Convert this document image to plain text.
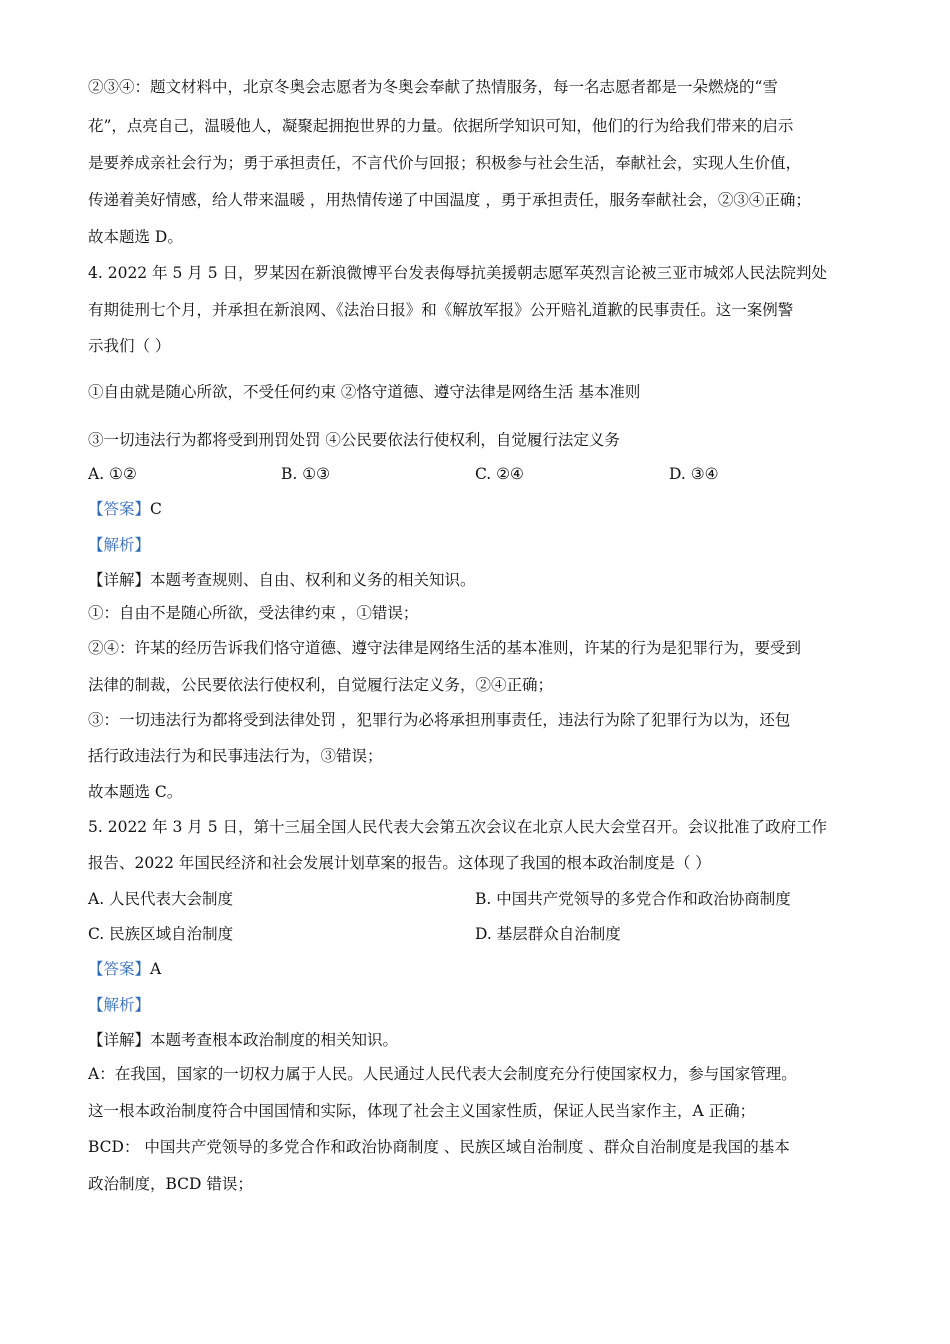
②③④：题文材料中，北京冬奥会志愿者为冬奥会奉献了热情服务，每一名志愿者都是一朵燃烧的“雪
花”，点亮自己，温暖他人，凝聚起拥抱世界的力量。依据所学知识可知，他们的行为给我们带来的启示
是要养成亲社会行为；勇于承担责任，不言代价与回报；积极参与社会生活，奉献社会，实现人生价值，
传递着美好情感，给人带来温暖 ，用热情传递了中国温度 ，勇于承担责任，服务奉献社会，②③④正确；
故本题选 D。
4. 2022 年 5 月 5 日，罗某因在新浪微博平台发表侮辱抗美援朝志愿军英烈言论被三亚市城郊人民法院判处
有期徒刑七个月，并承担在新浪网、《法治日报》和《解放军报》公开赔礼道歉的民事责任。这一案例警
示我们（ ）
①自由就是随心所欲，不受任何约束 ②恪守道德、遵守法律是网络生活 基本准则
③一切违法行为都将受到刑罚处罚 ④公民要依法行使权利，自觉履行法定义务
A. ①②	B. ①③	C. ②④	D. ③④
【答案】C
【解析】
【详解】本题考查规则、自由、权利和义务的相关知识。
①：自由不是随心所欲，受法律约束 ，①错误；
②④：许某的经历告诉我们恪守道德、遵守法律是网络生活的基本准则，许某的行为是犯罪行为，要受到
法律的制裁，公民要依法行使权利，自觉履行法定义务，②④正确；
③：一切违法行为都将受到法律处罚 ，犯罪行为必将承担刑事责任，违法行为除了犯罪行为以为，还包
括行政违法行为和民事违法行为，③错误；
故本题选 C。
5. 2022 年 3 月 5 日，第十三届全国人民代表大会第五次会议在北京人民大会堂召开。会议批准了政府工作
报告、2022 年国民经济和社会发展计划草案的报告。这体现了我国的根本政治制度是（ ）
A. 人民代表大会制度	B. 中国共产党领导的多党合作和政治协商制度
C. 民族区域自治制度	D. 基层群众自治制度
【答案】A
【解析】
【详解】本题考查根本政治制度的相关知识。
A：在我国，国家的一切权力属于人民。人民通过人民代表大会制度充分行使国家权力，参与国家管理。
这一根本政治制度符合中国国情和实际，体现了社会主义国家性质，保证人民当家作主，A 正确；
BCD： 中国共产党领导的多党合作和政治协商制度 、民族区域自治制度 、群众自治制度是我国的基本
政治制度，BCD 错误；
